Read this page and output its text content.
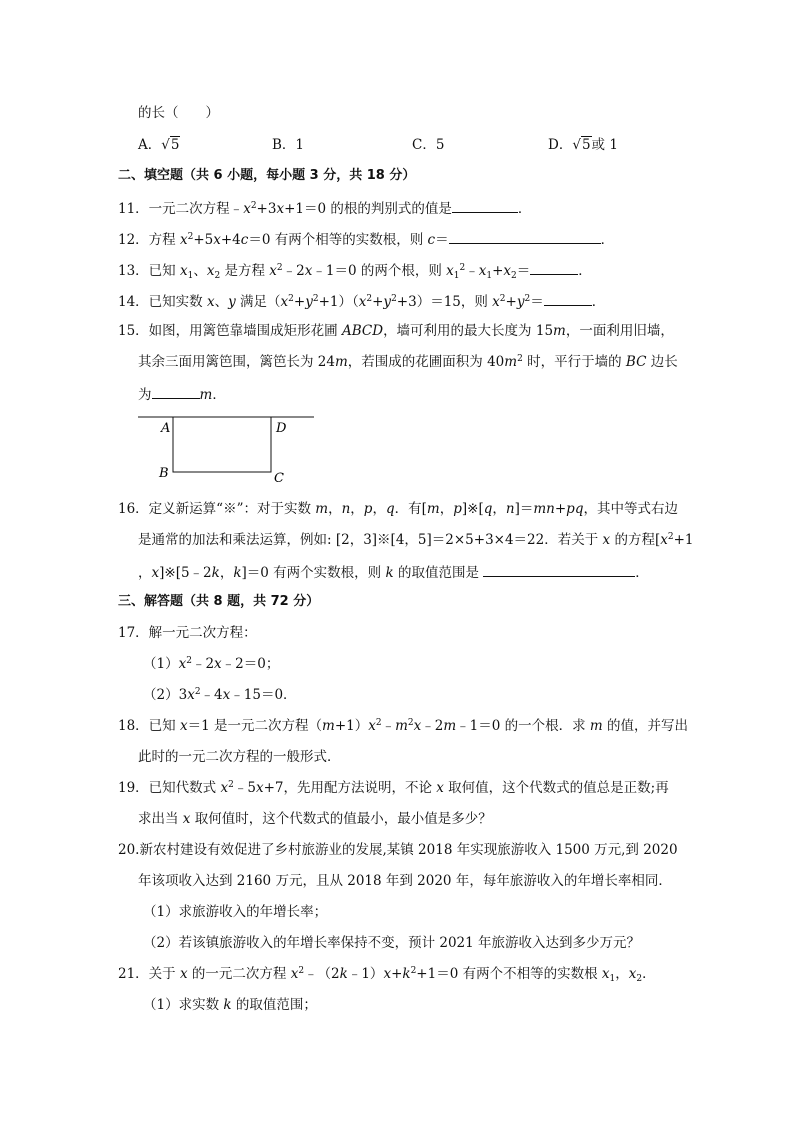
的长（　　）
A．√5	B．1	C．5	D．√5或 1
二、填空题（共 6 小题，每小题 3 分，共 18 分）
11．一元二次方程$﹣x^2+3x+1=0$ 的根的判别式的值是	．
12．方程 $x^2+5x+4c=0$ 有两个相等的实数根，则 c＝	．
13．已知 $x_1$、$x_2$ 是方程 $x^2﹣2x﹣1=0$ 的两个根，则 $x_1^2﹣x_1+x_2=$	．
14．已知实数 x、y 满足$(x^2+y^2+1)(x^2+y^2+3)=15$，则 $x^2+y^2=$	．
15．如图，用篱笆靠墙围成矩形花圃 ABCD，墙可利用的最大长度为 15m，一面利用旧墙，
其余三面用篱笆围，篱笆长为 24m，若围成的花圃面积为 $40m^2$ 时，平行于墙的 BC 边长
为	m．
A	D
B	C
16．定义新运算“※”：对于实数 m，n，p，q．有[m，p]※[q，n]＝mn+pq，其中等式右边
是通常的加法和乘法运算，例如: [2，3]※[4，5]＝2×5+3×4＝22．若关于 x 的方程[$x^2+1$
，x]※[5﹣2k，k]＝0 有两个实数根，则 k 的取值范围是	．
三、解答题（共 8 题，共 72 分）
17．解一元二次方程：
$(1)x^2﹣2x﹣2=0$；
$(2)3x^2﹣4x﹣15=0$．
18．已知 x＝1 是一元二次方程$(m+1)x^2﹣m^2x﹣2m﹣1=0$ 的一个根．求 m 的值，并写出
此时的一元二次方程的一般形式．
19．已知代数式 $x^2﹣5x+7$，先用配方法说明，不论 x 取何值，这个代数式的值总是正数;再
求出当 x 取何值时，这个代数式的值最小，最小值是多少？
20.新农村建设有效促进了乡村旅游业的发展,某镇 2018 年实现旅游收入 1500 万元,到 2020
年该项收入达到 2160 万元，且从 2018 年到 2020 年，每年旅游收入的年增长率相同．
（1）求旅游收入的年增长率；
（2）若该镇旅游收入的年增长率保持不变，预计 2021 年旅游收入达到多少万元？
21．关于 x 的一元二次方程 $x^2﹣(2k﹣1)x+k^2+1=0$ 有两个不相等的实数根 $x_1$，$x_2$．
（1）求实数 k 的取值范围；
